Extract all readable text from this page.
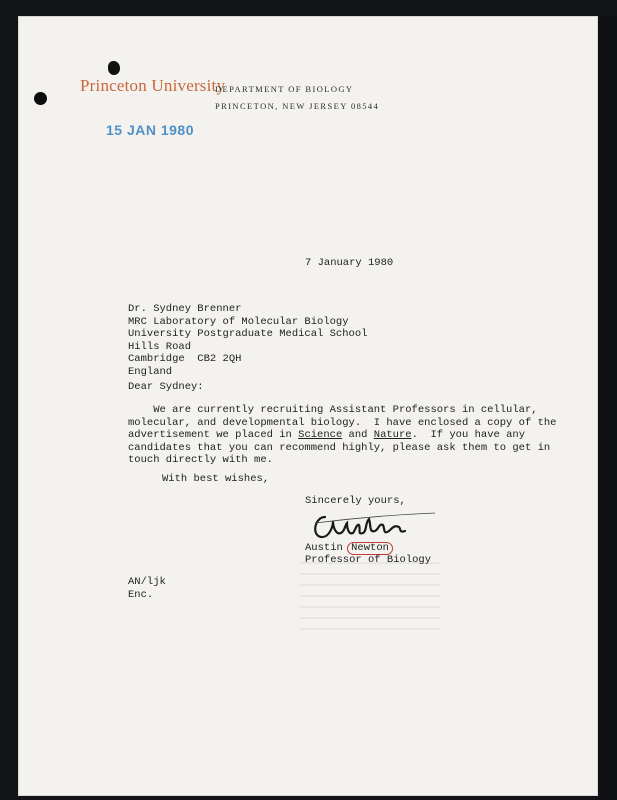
Princeton University
DEPARTMENT OF BIOLOGY
PRINCETON, NEW JERSEY 08544
15 JAN 1980
7 January 1980
Dr. Sydney Brenner
MRC Laboratory of Molecular Biology
University Postgraduate Medical School
Hills Road
Cambridge  CB2 2QH
England
Dear Sydney:
We are currently recruiting Assistant Professors in cellular,
molecular, and developmental biology.  I have enclosed a copy of the
advertisement we placed in Science and Nature.  If you have any
candidates that you can recommend highly, please ask them to get in
touch directly with me.
With best wishes,
Sincerely yours,
Austin Newton
Professor of Biology
AN/ljk
Enc.
